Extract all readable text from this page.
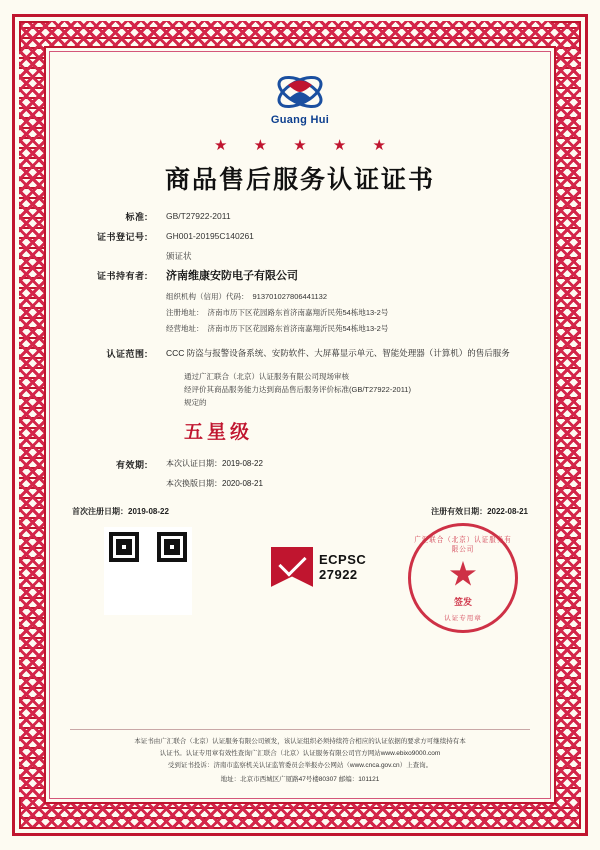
Guang Hui
★ ★ ★ ★ ★
商品售后服务认证证书
标准:	GB/T27922-2011
证书登记号:	GH001-20195C140261
颁证状
证书持有者:	济南维康安防电子有限公司
组织机构（信用）代码： 913701027806441132
注册地址： 济南市历下区花园路东首济南嘉翔沂民苑54栋地13-2号
经营地址： 济南市历下区花园路东首济南嘉翔沂民苑54栋地13-2号
认证范围:	CCC 防盗与报警设备系统、安防软件、大屏幕显示单元、智能处理器（计算机）的售后服务
通过广汇联合（北京）认证服务有限公司现场审核
经评价其商品服务能力达到商品售后服务评价标准(GB/T27922-2011)
规定的
五星级
有效期:	本次认证日期：2019-08-22
本次换版日期：2020-08-21
首次注册日期：2019-08-22	注册有效日期：2022-08-21
ECPSC
27922
广汇联合（北京）认证服务有限公司
★
签发
认证专用章
本证书由广汇联合（北京）认证服务有限公司颁发，该认证组织必须持续符合相应的认证依据的要求方可继续持有本
认证书。认证专用章有效性查询广汇联合（北京）认证服务有限公司官方网站www.ebixo9000.com
受到证书投诉：济南市监察机关认证监管委员会举报办公网站（www.cnca.gov.cn）上查询。
地址：北京市西城区广厦路47号楼80307 邮编：101121
